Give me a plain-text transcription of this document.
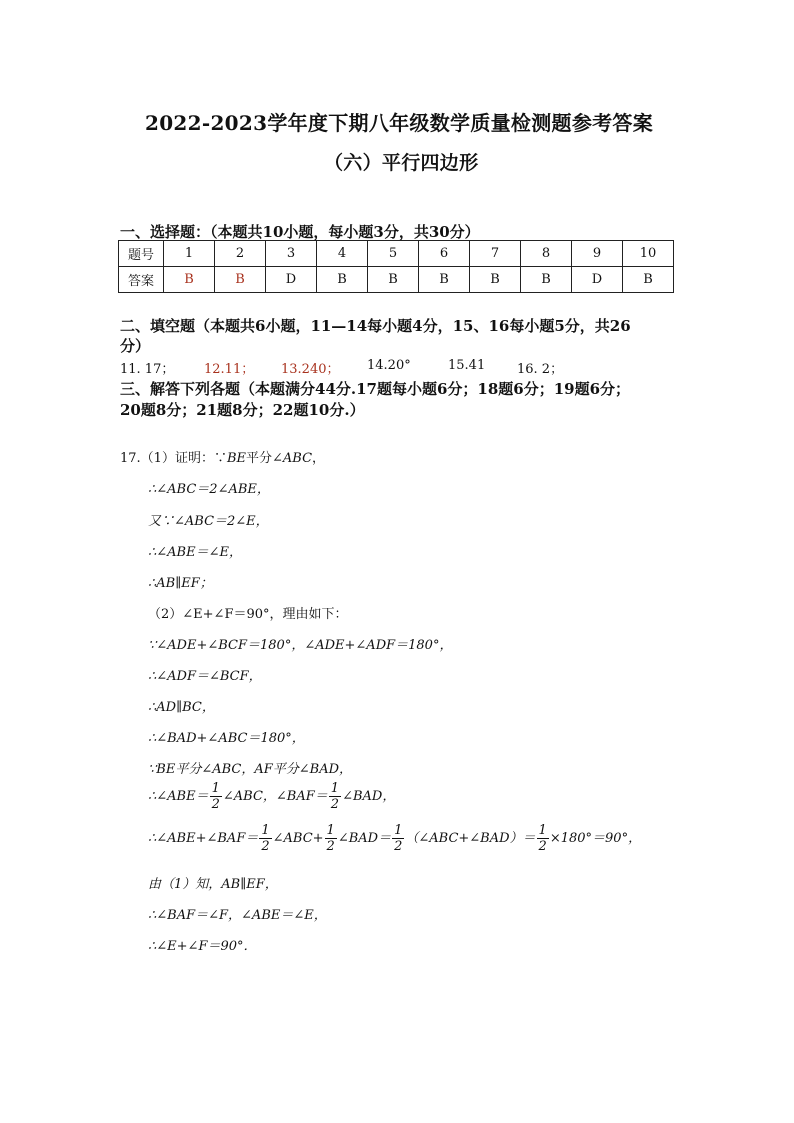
2022-2023学年度下期八年级数学质量检测题参考答案
（六）平行四边形
一、选择题：（本题共10小题，每小题3分，共30分）
题号	1	2	3	4	5	6	7	8	9	10
答案	B	B	D	B	B	B	B	B	D	B
二、填空题（本题共6小题，11—14每小题4分，15、16每小题5分，共26
分）
11. 17； 12.11； 13.240； 14.20°	15.41 16. 2；
三、解答下列各题（本题满分44分.17题每小题6分；18题6分；19题6分；
20题8分；21题8分；22题10分.）
17.（1）证明：∵BE平分∠ABC，
∴∠ABC＝2∠ABE，
又∵∠ABC＝2∠E，
∴∠ABE＝∠E，
∴AB∥EF；
（2）∠E+∠F＝90°，理由如下：
∵∠ADE+∠BCF＝180°，∠ADE+∠ADF＝180°，
∴∠ADF＝∠BCF，
∴AD∥BC，
∴∠BAD+∠ABC＝180°，
∵BE平分∠ABC，AF平分∠BAD，
∴∠ABE＝ $\frac{1}{2}$ ∠ABC，∠BAF＝ $\frac{1}{2}$ ∠BAD，
∴∠ABE+∠BAF＝ $\frac{1}{2}$ ∠ABC+ $\frac{1}{2}$ ∠BAD＝ $\frac{1}{2}$ （∠ABC+∠BAD）＝ $\frac{1}{2} \times 180^\circ=90^\circ$，
由（1）知，AB∥EF，
∴∠BAF＝∠F，∠ABE＝∠E，
∴∠E+∠F＝90°．
